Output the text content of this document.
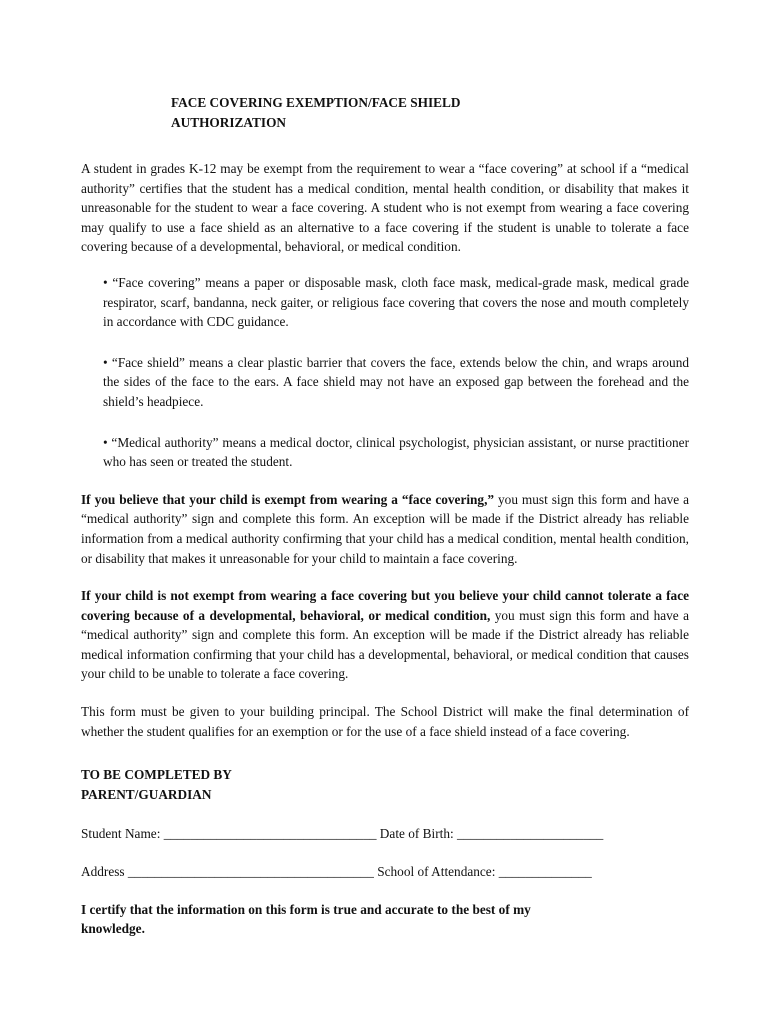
FACE COVERING EXEMPTION/FACE SHIELD
AUTHORIZATION

A student in grades K-12 may be exempt from the requirement to wear a “face covering” at school if a “medical authority” certifies that the student has a medical condition, mental health condition, or disability that makes it unreasonable for the student to wear a face covering. A student who is not exempt from wearing a face covering may qualify to use a face shield as an alternative to a face covering if the student is unable to tolerate a face covering because of a developmental, behavioral, or medical condition.

• “Face covering” means a paper or disposable mask, cloth face mask, medical-grade mask, medical grade respirator, scarf, bandanna, neck gaiter, or religious face covering that covers the nose and mouth completely in accordance with CDC guidance.

• “Face shield” means a clear plastic barrier that covers the face, extends below the chin, and wraps around the sides of the face to the ears. A face shield may not have an exposed gap between the forehead and the shield’s headpiece.

• “Medical authority” means a medical doctor, clinical psychologist, physician assistant, or nurse practitioner who has seen or treated the student.

If you believe that your child is exempt from wearing a “face covering,” you must sign this form and have a “medical authority” sign and complete this form. An exception will be made if the District already has reliable information from a medical authority confirming that your child has a medical condition, mental health condition, or disability that makes it unreasonable for your child to maintain a face covering.

If your child is not exempt from wearing a face covering but you believe your child cannot tolerate a face covering because of a developmental, behavioral, or medical condition, you must sign this form and have a “medical authority” sign and complete this form. An exception will be made if the District already has reliable medical information confirming that your child has a developmental, behavioral, or medical condition that causes your child to be unable to tolerate a face covering.

This form must be given to your building principal. The School District will make the final determination of whether the student qualifies for an exemption or for the use of a face shield instead of a face covering.

TO BE COMPLETED BY
PARENT/GUARDIAN
Student Name: ________________________________ Date of Birth: ______________________
Address _____________________________________ School of Attendance: ______________

I certify that the information on this form is true and accurate to the best of my knowledge.
